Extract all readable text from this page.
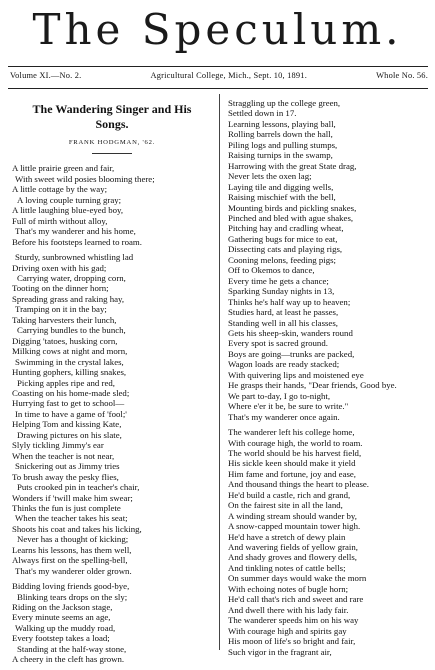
The Speculum.
Volume XI.—No. 2.	Agricultural College, Mich., Sept. 10, 1891.	Whole No. 56.
The Wandering Singer and His
Songs.
FRANK HODGMAN, '62.
A little prairie green and fair,
With sweet wild posies blooming there;
A little cottage by the way;
A loving couple turning gray;
A little laughing blue-eyed boy,
Full of mirth without alloy,
That's my wanderer and his home,
Before his footsteps learned to roam.
Sturdy, sunbrowned whistling lad
Driving oxen with his gad;
Carrying water, dropping corn,
Tooting on the dinner horn;
Spreading grass and raking hay,
Tramping on it in the bay;
Taking harvesters their lunch,
Carrying bundles to the bunch,
Digging 'tatoes, husking corn,
Milking cows at night and morn,
Swimming in the crystal lakes,
Hunting gophers, killing snakes,
Picking apples ripe and red,
Coasting on his home-made sled;
Hurrying fast to get to school—
In time to have a game of 'fool;'
Helping Tom and kissing Kate,
Drawing pictures on his slate,
Slyly tickling Jimmy's ear
When the teacher is not near,
Snickering out as Jimmy tries
To brush away the pesky flies,
Puts crooked pin in teacher's chair,
Wonders if 'twill make him swear;
Thinks the fun is just complete
When the teacher takes his seat;
Shoots his coat and takes his licking,
Never has a thought of kicking;
Learns his lessons, has them well,
Always first on the spelling-bell,
That's my wanderer older grown.
Bidding loving friends good-bye,
Blinking tears drops on the sly;
Riding on the Jackson stage,
Every minute seems an age,
Walking up the muddy road,
Every footstep takes a load;
Standing at the half-way stone,
A cheery in the cleft has grown.
Straggling up the college green,
Settled down in 17.
Learning lessons, playing ball,
Rolling barrels down the hall,
Piling logs and pulling stumps,
Raising turnips in the swamp,
Harrowing with the great State drag,
Never lets the oxen lag;
Laying tile and digging wells,
Raising mischief with the bell,
Mounting birds and pickling snakes,
Pinched and bled with ague shakes,
Pitching hay and cradling wheat,
Gathering bugs for mice to eat,
Dissecting cats and playing rigs,
Cooning melons, feeding pigs;
Off to Okemos to dance,
Every time he gets a chance;
Sparking Sunday nights in 13,
Thinks he's half way up to heaven;
Studies hard, at least he passes,
Standing well in all his classes,
Gets his sheep-skin, wanders round
Every spot is sacred ground.
Boys are going—trunks are packed,
Wagon loads are ready stacked;
With quivering lips and moistened eye
He grasps their hands, "Dear friends, Good bye.
We part to-day, I go to-night,
Where e'er it be, be sure to write."
That's my wanderer once again.
The wanderer left his college home,
With courage high, the world to roam.
The world should be his harvest field,
His sickle keen should make it yield
Him fame and fortune, joy and ease,
And thousand things the heart to please.
He'd build a castle, rich and grand,
On the fairest site in all the land,
A winding stream should wander by,
A snow-capped mountain tower high.
He'd have a stretch of dewy plain
And wavering fields of yellow grain,
And shady groves and flowery dells,
And tinkling notes of cattle bells;
On summer days would wake the morn
With echoing notes of bugle horn;
He'd call that's rich and sweet and rare
And dwell there with his lady fair.
The wanderer speeds him on his way
With courage high and spirits gay
His moon of life's so bright and fair,
Such vigor in the fragrant air,
